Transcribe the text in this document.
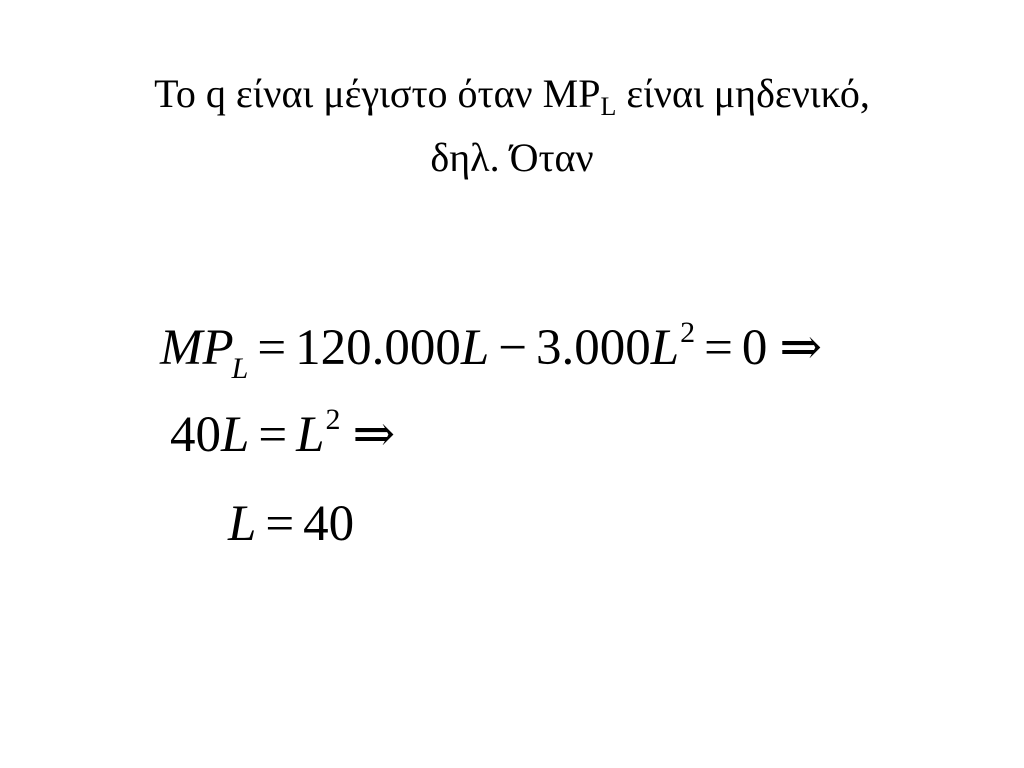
Το q είναι μέγιστο όταν $MP_L$ είναι μηδενικό,
δηλ. Όταν
$MP_L = 120.000L - 3.000L^2 = 0$ ⇒
$40L = L^2$ ⇒
L = 40
